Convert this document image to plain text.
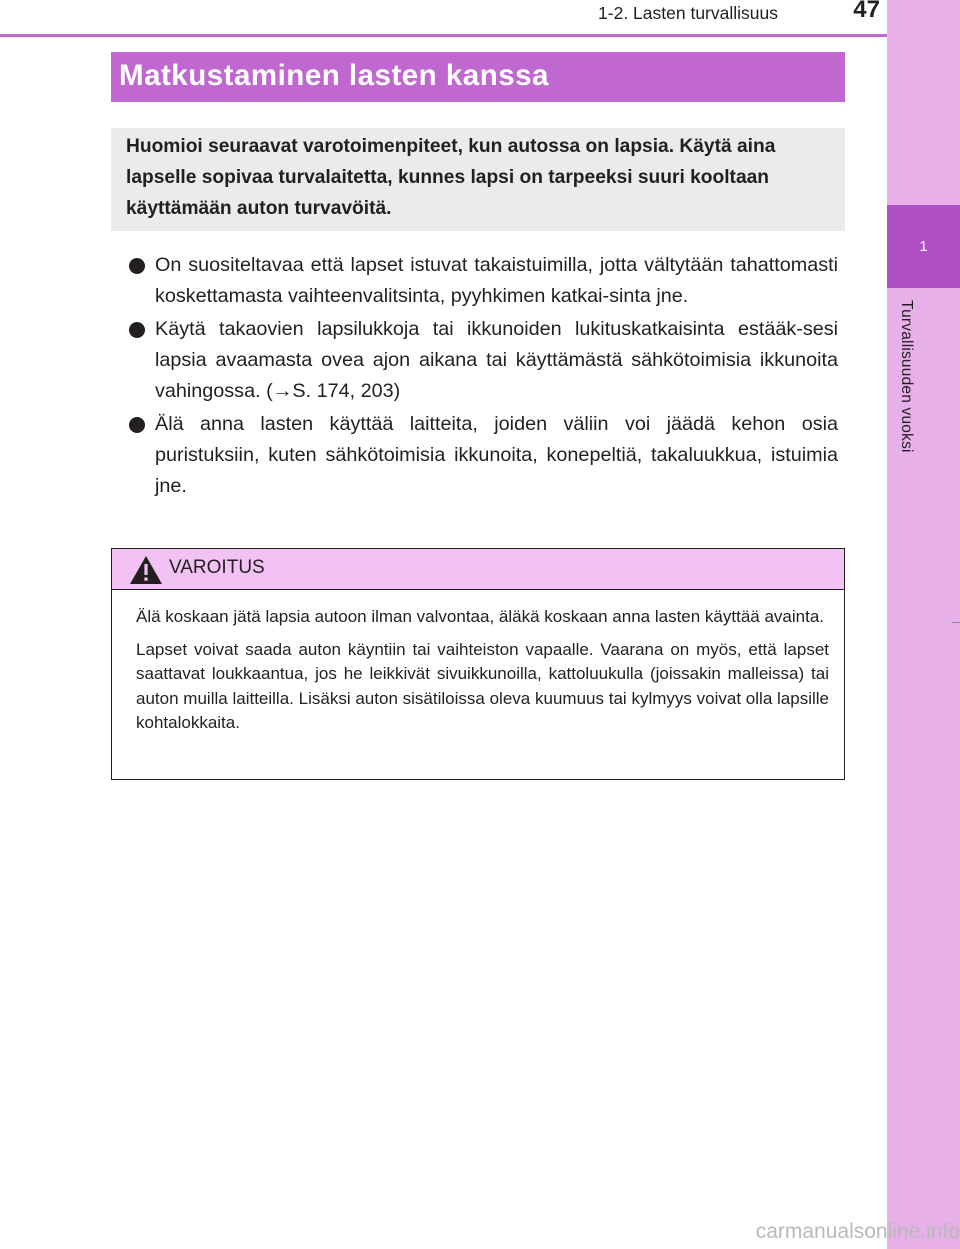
1
Turvallisuuden vuoksi
1-2. Lasten turvallisuus	47
Matkustaminen lasten kanssa
Huomioi seuraavat varotoimenpiteet, kun autossa on lapsia. Käytä aina lapselle sopivaa turvalaitetta, kunnes lapsi on tarpeeksi suuri kooltaan käyttämään auton turvavöitä.
On suositeltavaa että lapset istuvat takaistuimilla, jotta vältytään tahattomasti koskettamasta vaihteenvalitsinta, pyyhkimen katkai-sinta jne.
Käytä takaovien lapsilukkoja tai ikkunoiden lukituskatkaisinta estääk-sesi lapsia avaamasta ovea ajon aikana tai käyttämästä sähkötoimisia ikkunoita vahingossa. (→S. 174, 203)
Älä anna lasten käyttää laitteita, joiden väliin voi jäädä kehon osia puristuksiin, kuten sähkötoimisia ikkunoita, konepeltiä, takaluukkua, istuimia jne.
VAROITUS

Älä koskaan jätä lapsia autoon ilman valvontaa, äläkä koskaan anna lasten käyttää avainta.

Lapset voivat saada auton käyntiin tai vaihteiston vapaalle. Vaarana on myös, että lapset saattavat loukkaantua, jos he leikkivät sivuikkunoilla, kattoluukulla (joissakin malleissa) tai auton muilla laitteilla. Lisäksi auton sisätiloissa oleva kuumuus tai kylmyys voivat olla lapsille kohtalokkaita.

carmanualsonline.info
